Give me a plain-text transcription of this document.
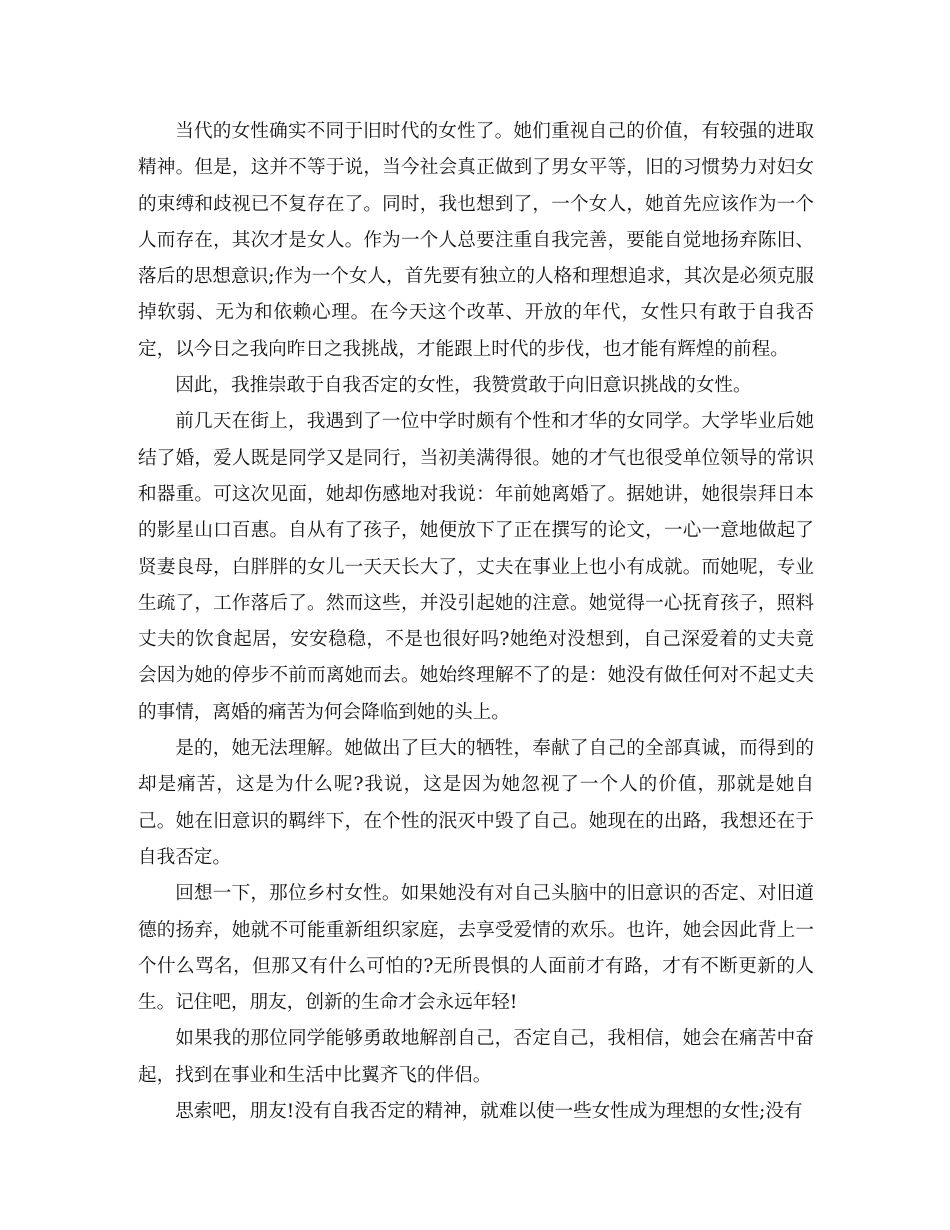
当代的女性确实不同于旧时代的女性了。她们重视自己的价值，有较强的进取精神。但是，这并不等于说，当今社会真正做到了男女平等，旧的习惯势力对妇女的束缚和歧视已不复存在了。同时，我也想到了，一个女人，她首先应该作为一个人而存在，其次才是女人。作为一个人总要注重自我完善，要能自觉地扬弃陈旧、落后的思想意识;作为一个女人，首先要有独立的人格和理想追求，其次是必须克服掉软弱、无为和依赖心理。在今天这个改革、开放的年代，女性只有敢于自我否定，以今日之我向昨日之我挑战，才能跟上时代的步伐，也才能有辉煌的前程。

因此，我推崇敢于自我否定的女性，我赞赏敢于向旧意识挑战的女性。

前几天在街上，我遇到了一位中学时颇有个性和才华的女同学。大学毕业后她结了婚，爱人既是同学又是同行，当初美满得很。她的才气也很受单位领导的常识和器重。可这次见面，她却伤感地对我说：年前她离婚了。据她讲，她很崇拜日本的影星山口百惠。自从有了孩子，她便放下了正在撰写的论文，一心一意地做起了贤妻良母，白胖胖的女儿一天天长大了，丈夫在事业上也小有成就。而她呢，专业生疏了，工作落后了。然而这些，并没引起她的注意。她觉得一心抚育孩子，照料丈夫的饮食起居，安安稳稳，不是也很好吗?她绝对没想到，自己深爱着的丈夫竟会因为她的停步不前而离她而去。她始终理解不了的是：她没有做任何对不起丈夫的事情，离婚的痛苦为何会降临到她的头上。

是的，她无法理解。她做出了巨大的牺牲，奉献了自己的全部真诚，而得到的却是痛苦，这是为什么呢?我说，这是因为她忽视了一个人的价值，那就是她自己。她在旧意识的羁绊下，在个性的泯灭中毁了自己。她现在的出路，我想还在于自我否定。

回想一下，那位乡村女性。如果她没有对自己头脑中的旧意识的否定、对旧道德的扬弃，她就不可能重新组织家庭，去享受爱情的欢乐。也许，她会因此背上一个什么骂名，但那又有什么可怕的?无所畏惧的人面前才有路，才有不断更新的人生。记住吧，朋友，创新的生命才会永远年轻!

如果我的那位同学能够勇敢地解剖自己，否定自己，我相信，她会在痛苦中奋起，找到在事业和生活中比翼齐飞的伴侣。

思索吧，朋友!没有自我否定的精神，就难以使一些女性成为理想的女性;没有
